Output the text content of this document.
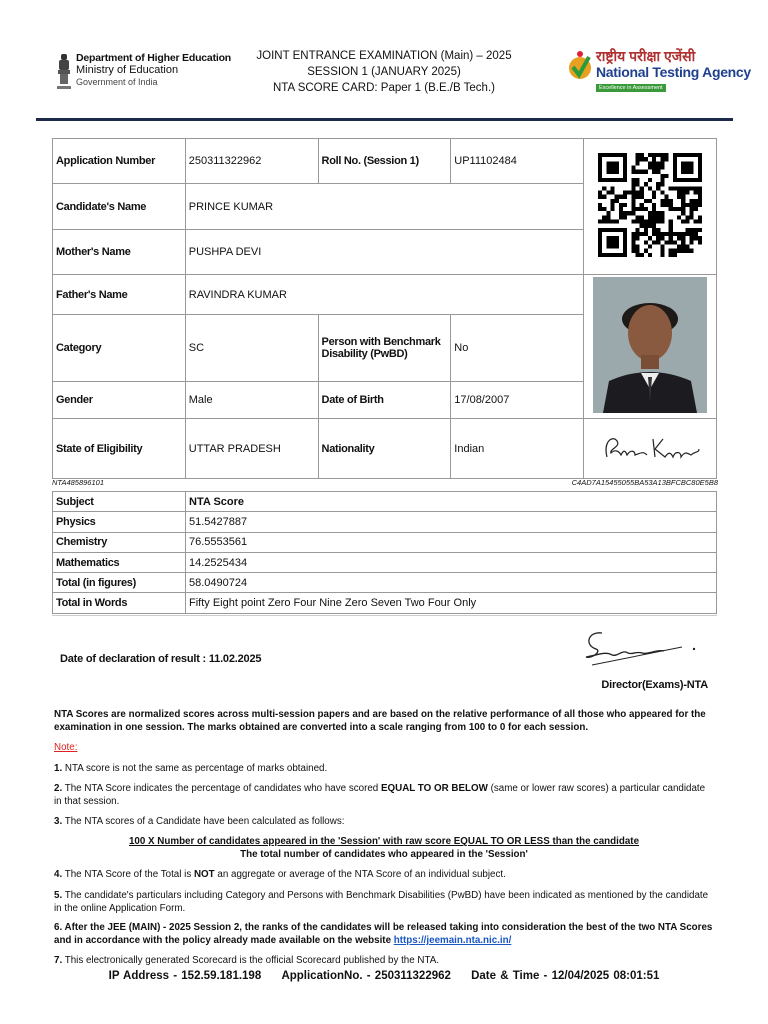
Department of Higher Education
Ministry of Education
Government of India
JOINT ENTRANCE EXAMINATION (Main) – 2025
SESSION 1 (JANUARY 2025)
NTA SCORE CARD: Paper 1 (B.E./B Tech.)
राष्ट्रीय परीक्षा एजेंसी
National Testing Agency
Excellence in Assessment
Application Number	250311322962	Roll No. (Session 1)	UP11102484	
Candidate's Name	PRINCE KUMAR			
Mother's Name	PUSHPA DEVI			
Father's Name	RAVINDRA KUMAR	
Category	SC	Person with Benchmark Disability (PwBD)	No	
Gender	Male	Date of Birth	17/08/2007	
State of Eligibility	UTTAR PRADESH	Nationality	Indian	
NTA485896101	C4AD7A15455055BA53A13BFCBC80E5B8
Subject	NTA Score
Physics	51.5427887
Chemistry	76.5553561
Mathematics	14.2525434
Total (in figures)	58.0490724
Total in Words	Fifty Eight point Zero Four Nine Zero Seven Two Four Only
Date of declaration of result : 11.02.2025
Director(Exams)-NTA
NTA Scores are normalized scores across multi-session papers and are based on the relative performance of all those who appeared for the examination in one session. The marks obtained are converted into a scale ranging from 100 to 0 for each session.
Note:
1. NTA score is not the same as percentage of marks obtained.
2. The NTA Score indicates the percentage of candidates who have scored EQUAL TO OR BELOW (same or lower raw scores) a particular candidate in that session.
3. The NTA scores of a Candidate have been calculated as follows:
100 X Number of candidates appeared in the 'Session' with raw score EQUAL TO OR LESS than the candidate
The total number of candidates who appeared in the 'Session'
4. The NTA Score of the Total is NOT an aggregate or average of the NTA Score of an individual subject.
5. The candidate's particulars including Category and Persons with Benchmark Disabilities (PwBD) have been indicated as mentioned by the candidate in the online Application Form.
6. After the JEE (MAIN) - 2025 Session 2, the ranks of the candidates will be released taking into consideration the best of the two NTA Scores and in accordance with the policy already made available on the website https://jeemain.nta.nic.in/
7. This electronically generated Scorecard is the official Scorecard published by the NTA.
IP Address - 152.59.181.198 ApplicationNo. - 250311322962 Date & Time - 12/04/2025 08:01:51
